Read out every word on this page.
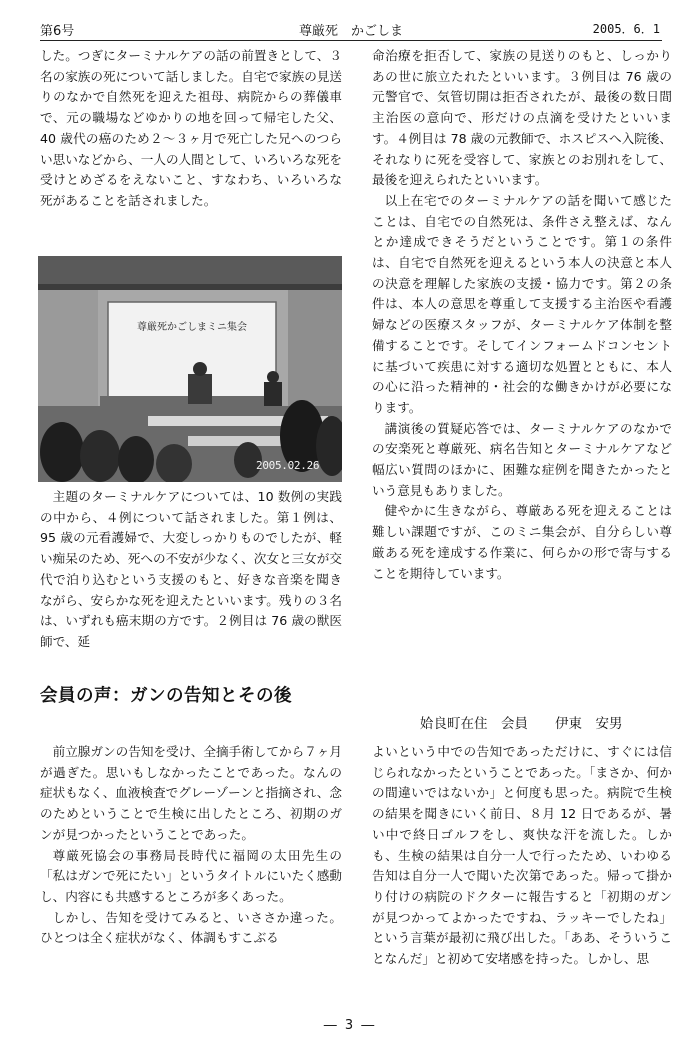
第6号	尊厳死　かごしま	2005．6．1

した。つぎにターミナルケアの話の前置きとして、３名の家族の死について話しました。自宅で家族の見送りのなかで自然死を迎えた祖母、病院からの葬儀車で、元の職場などゆかりの地を回って帰宅した父、40 歳代の癌のため２～３ヶ月で死亡した兄へのつらい思いなどから、一人の人間として、いろいろな死を受けとめざるをえないこと、すなわち、いろいろな死があることを話されました。

尊厳死かごしまミニ集会
2005.02.26

主題のターミナルケアについては、10 数例の実践の中から、４例について話されました。第１例は、95 歳の元看護婦で、大変しっかりものでしたが、軽い痴呆のため、死への不安が少なく、次女と三女が交代で泊り込むという支援のもと、好きな音楽を聞きながら、安らかな死を迎えたといいます。残りの３名は、いずれも癌末期の方です。２例目は 76 歳の獣医師で、延

命治療を拒否して、家族の見送りのもと、しっかりあの世に旅立たれたといいます。３例目は 76 歳の元警官で、気管切開は拒否されたが、最後の数日間主治医の意向で、形だけの点滴を受けたといいます。４例目は 78 歳の元教師で、ホスピスへ入院後、それなりに死を受容して、家族とのお別れをして、最後を迎えられたといいます。

以上在宅でのターミナルケアの話を聞いて感じたことは、自宅での自然死は、条件さえ整えば、なんとか達成できそうだということです。第１の条件は、自宅で自然死を迎えるという本人の決意と本人の決意を理解した家族の支援・協力です。第２の条件は、本人の意思を尊重して支援する主治医や看護婦などの医療スタッフが、ターミナルケア体制を整備することです。そしてインフォームドコンセントに基づいて疾患に対する適切な処置とともに、本人の心に沿った精神的・社会的な働きかけが必要になります。

講演後の質疑応答では、ターミナルケアのなかでの安楽死と尊厳死、病名告知とターミナルケアなど幅広い質問のほかに、困難な症例を聞きたかったという意見もありました。

健やかに生きながら、尊厳ある死を迎えることは難しい課題ですが、このミニ集会が、自分らしい尊厳ある死を達成する作業に、何らかの形で寄与することを期待しています。

会員の声：ガンの告知とその後
姶良町在住　会員　　伊東　安男

前立腺ガンの告知を受け、全摘手術してから７ヶ月が過ぎた。思いもしなかったことであった。なんの症状もなく、血液検査でグレーゾーンと指摘され、念のためということで生検に出したところ、初期のガンが見つかったということであった。

尊厳死協会の事務局長時代に福岡の太田先生の「私はガンで死にたい」というタイトルにいたく感動し、内容にも共感するところが多くあった。

しかし、告知を受けてみると、いささか違った。ひとつは全く症状がなく、体調もすこぶる

よいという中での告知であっただけに、すぐには信じられなかったということであった。「まさか、何かの間違いではないか」と何度も思った。病院で生検の結果を聞きにいく前日、８月 12 日であるが、暑い中で終日ゴルフをし、爽快な汗を流した。しかも、生検の結果は自分一人で行ったため、いわゆる告知は自分一人で聞いた次第であった。帰って掛かり付けの病院のドクターに報告すると「初期のガンが見つかってよかったですね、ラッキーでしたね」という言葉が最初に飛び出した。「ああ、そういうことなんだ」と初めて安堵感を持った。しかし、思

― 3 ―
